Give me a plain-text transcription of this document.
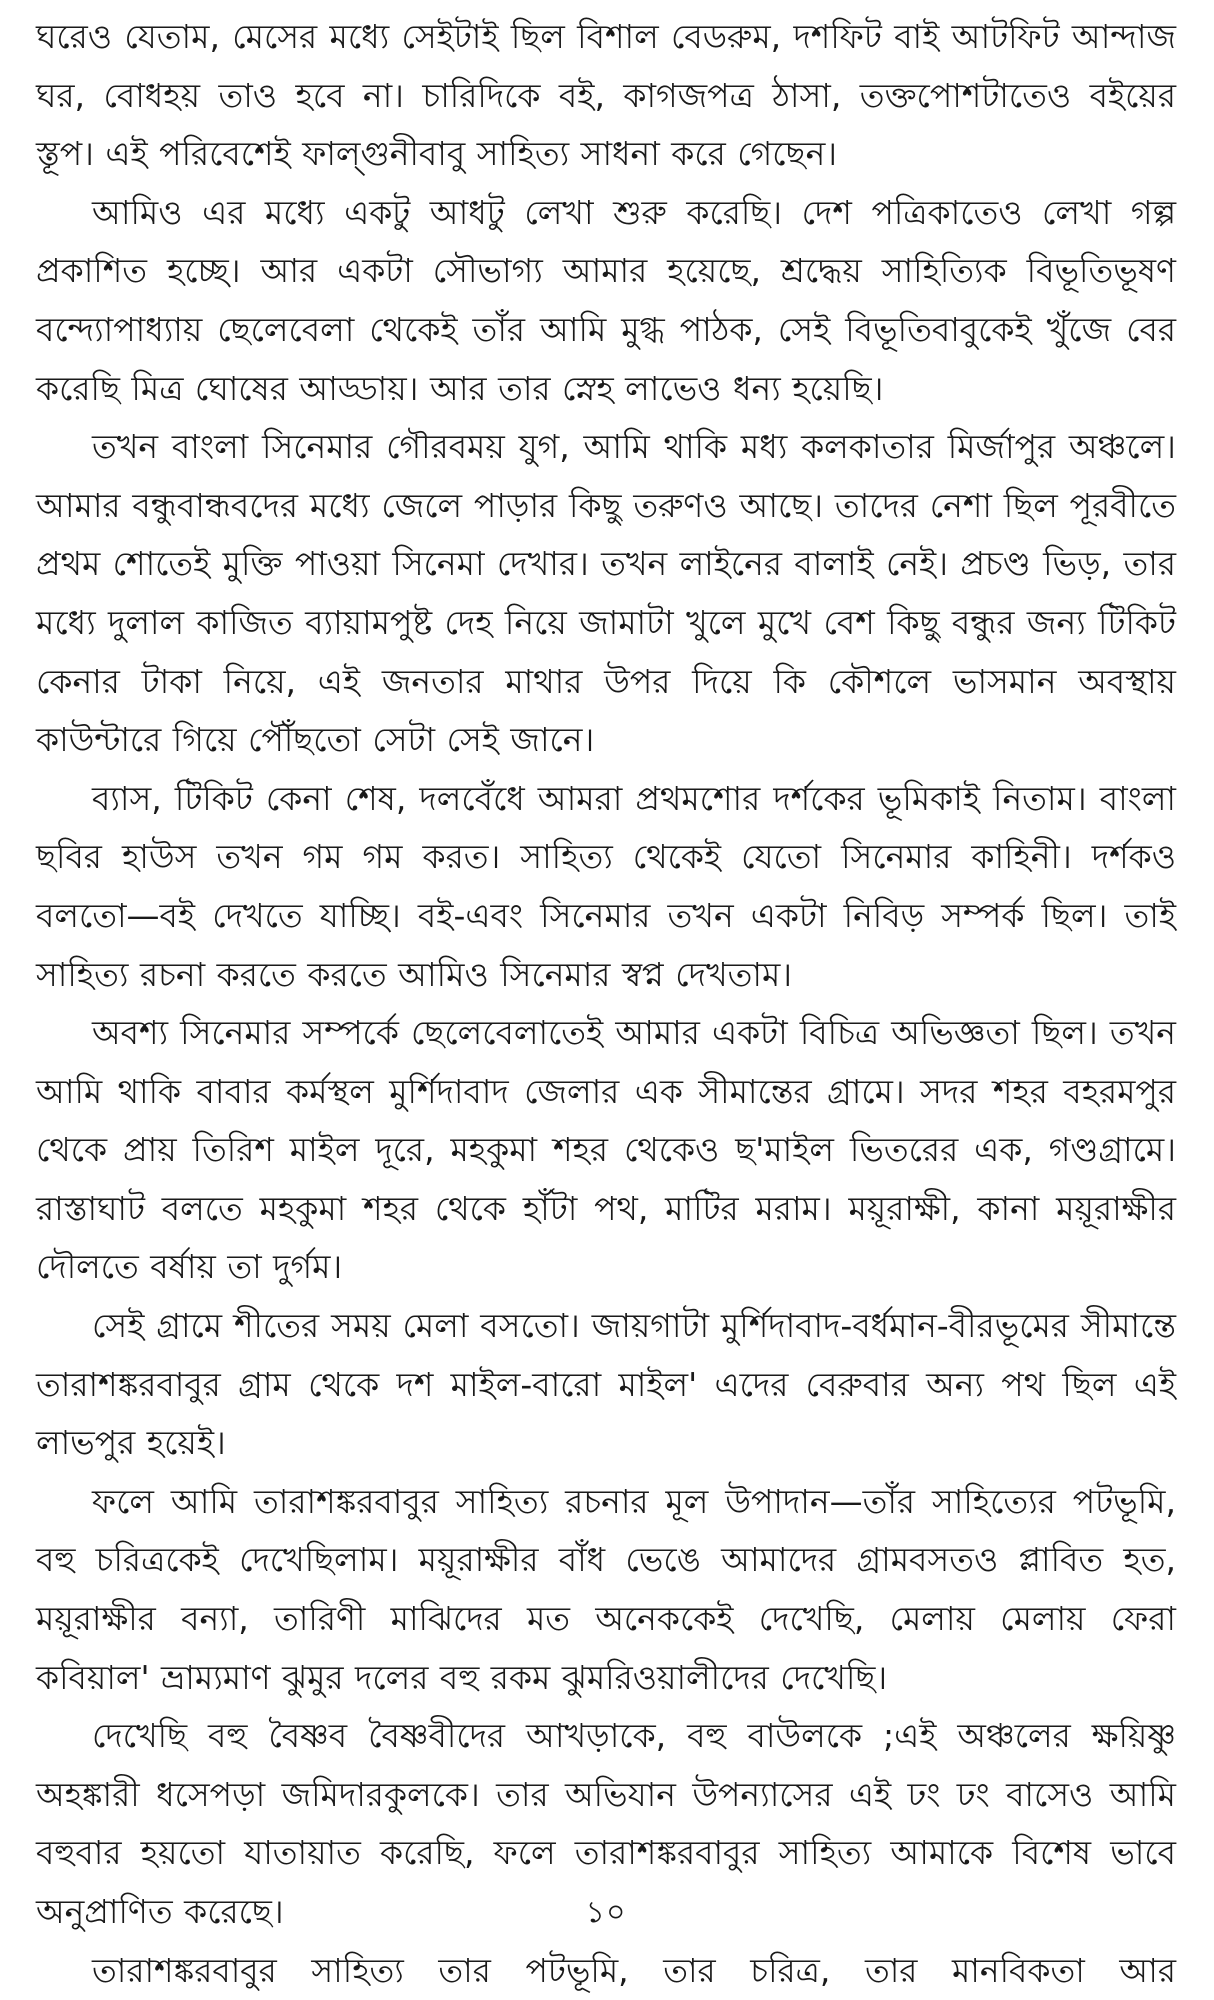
ঘরেও যেতাম, মেসের মধ্যে সেইটাই ছিল বিশাল বেডরুম, দশফিট বাই আটফিট আন্দাজ ঘর, বোধহয় তাও হবে না। চারিদিকে বই, কাগজপত্র ঠাসা, তক্তপোশটাতেও বইয়ের স্তূপ। এই পরিবেশেই ফাল্গুনীবাবু সাহিত্য সাধনা করে গেছেন।

আমিও এর মধ্যে একটু আধটু লেখা শুরু করেছি। দেশ পত্রিকাতেও লেখা গল্প প্রকাশিত হচ্ছে। আর একটা সৌভাগ্য আমার হয়েছে, শ্রদ্ধেয় সাহিত্যিক বিভূতিভূষণ বন্দ্যোপাধ্যায় ছেলেবেলা থেকেই তাঁর আমি মুগ্ধ পাঠক, সেই বিভূতিবাবুকেই খুঁজে বের করেছি মিত্র ঘোষের আড্ডায়। আর তার স্নেহ লাভেও ধন্য হয়েছি।

তখন বাংলা সিনেমার গৌরবময় যুগ, আমি থাকি মধ্য কলকাতার মির্জাপুর অঞ্চলে। আমার বন্ধুবান্ধবদের মধ্যে জেলে পাড়ার কিছু তরুণও আছে। তাদের নেশা ছিল পূরবীতে প্রথম শোতেই মুক্তি পাওয়া সিনেমা দেখার। তখন লাইনের বালাই নেই। প্রচণ্ড ভিড়, তার মধ্যে দুলাল কাজিত ব্যায়ামপুষ্ট দেহ নিয়ে জামাটা খুলে মুখে বেশ কিছু বন্ধুর জন্য টিকিট কেনার টাকা নিয়ে, এই জনতার মাথার উপর দিয়ে কি কৌশলে ভাসমান অবস্থায় কাউন্টারে গিয়ে পৌঁছতো সেটা সেই জানে।

ব্যাস, টিকিট কেনা শেষ, দলবেঁধে আমরা প্রথমশোর দর্শকের ভূমিকাই নিতাম। বাংলা ছবির হাউস তখন গম গম করত। সাহিত্য থেকেই যেতো সিনেমার কাহিনী। দর্শকও বলতো—বই দেখতে যাচ্ছি। বই-এবং সিনেমার তখন একটা নিবিড় সম্পর্ক ছিল। তাই সাহিত্য রচনা করতে করতে আমিও সিনেমার স্বপ্ন দেখতাম।

অবশ্য সিনেমার সম্পর্কে ছেলেবেলাতেই আমার একটা বিচিত্র অভিজ্ঞতা ছিল। তখন আমি থাকি বাবার কর্মস্থল মুর্শিদাবাদ জেলার এক সীমান্তের গ্রামে। সদর শহর বহরমপুর থেকে প্রায় তিরিশ মাইল দূরে, মহকুমা শহর থেকেও ছ'মাইল ভিতরের এক, গণ্ডগ্রামে। রাস্তাঘাট বলতে মহকুমা শহর থেকে হাঁটা পথ, মাটির মরাম। ময়ূরাক্ষী, কানা ময়ূরাক্ষীর দৌলতে বর্ষায় তা দুর্গম।

সেই গ্রামে শীতের সময় মেলা বসতো। জায়গাটা মুর্শিদাবাদ-বর্ধমান-বীরভূমের সীমান্তে তারাশঙ্করবাবুর গ্রাম থেকে দশ মাইল-বারো মাইল' এদের বেরুবার অন্য পথ ছিল এই লাভপুর হয়েই।

ফলে আমি তারাশঙ্করবাবুর সাহিত্য রচনার মূল উপাদান—তাঁর সাহিত্যের পটভূমি, বহু চরিত্রকেই দেখেছিলাম। ময়ূরাক্ষীর বাঁধ ভেঙে আমাদের গ্রামবসতও প্লাবিত হত, ময়ূরাক্ষীর বন্যা, তারিণী মাঝিদের মত অনেককেই দেখেছি, মেলায় মেলায় ফেরা কবিয়াল' ভ্রাম্যমাণ ঝুমুর দলের বহু রকম ঝুমরিওয়ালীদের দেখেছি।

দেখেছি বহু বৈষ্ণব বৈষ্ণবীদের আখড়াকে, বহু বাউলকে ;এই অঞ্চলের ক্ষয়িষ্ণু অহঙ্কারী ধসেপড়া জমিদারকুলকে। তার অভিযান উপন্যাসের এই ঢং ঢং বাসেও আমি বহুবার হয়তো যাতায়াত করেছি, ফলে তারাশঙ্করবাবুর সাহিত্য আমাকে বিশেষ ভাবে অনুপ্রাণিত করেছে।

তারাশঙ্করবাবুর সাহিত্য তার পটভূমি, তার চরিত্র, তার মানবিকতা আর

১০
